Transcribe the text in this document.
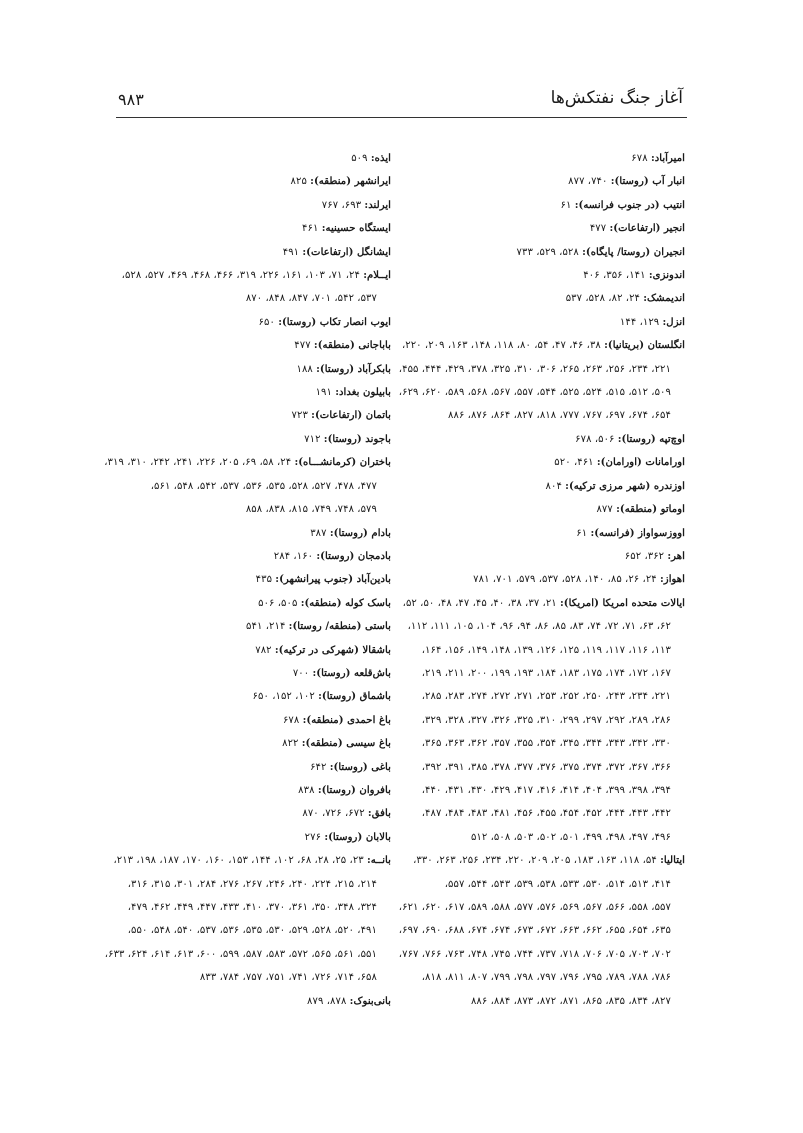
۹۸۳	آغاز جنگ نفتکش‌ها
امیرآباد: ۶۷۸
انبار آب (روستا): ۷۴۰، ۸۷۷
انتیب (در جنوب فرانسه): ۶۱
انجیر (ارتفاعات): ۴۷۷
انجیران (روستا/ پایگاه): ۵۲۸، ۵۲۹، ۷۳۳
اندونزی: ۱۴۱، ۳۵۶، ۴۰۶
اندیمشک: ۲۴، ۸۲، ۵۲۸، ۵۳۷
انزل: ۱۲۹، ۱۴۴
انگلستان (بریتانیا): ۳۸، ۴۶، ۴۷، ۵۴، ۸۰، ۱۱۸، ۱۴۸، ۱۶۳، ۲۰۹، ۲۲۰،
۲۲۱، ۲۳۴، ۲۵۶، ۲۶۳، ۲۶۵، ۳۰۶، ۳۱۰، ۳۲۵، ۳۷۸، ۴۲۹، ۴۴۴، ۴۵۵،
۵۰۹، ۵۱۲، ۵۱۵، ۵۲۴، ۵۲۵، ۵۴۴، ۵۵۷، ۵۶۷، ۵۶۸، ۵۸۹، ۶۲۰، ۶۲۹،
۶۵۴، ۶۷۴، ۶۹۷، ۷۶۷، ۷۷۷، ۸۱۸، ۸۲۷، ۸۶۴، ۸۷۶، ۸۸۶
اوچ‌تپه (روستا): ۵۰۶، ۶۷۸
اورامانات (اورامان): ۴۶۱، ۵۲۰
اوزندره (شهر مرزی ترکیه): ۸۰۴
اوماتو (منطقه): ۸۷۷
اووزسواواز (فرانسه): ۶۱
اهر: ۳۶۲، ۶۵۲
اهواز: ۲۴، ۲۶، ۸۵، ۱۴۰، ۵۲۸، ۵۳۷، ۵۷۹، ۷۰۱، ۷۸۱
ایالات متحده امریکا (امریکا): ۲۱، ۳۷، ۳۸، ۴۰، ۴۵، ۴۷، ۴۸، ۵۰، ۵۲،
۶۲، ۶۳، ۷۱، ۷۲، ۷۴، ۸۳، ۸۵، ۸۶، ۹۴، ۹۶، ۱۰۴، ۱۰۵، ۱۱۱، ۱۱۲،
۱۱۳، ۱۱۶، ۱۱۷، ۱۱۹، ۱۲۵، ۱۲۶، ۱۳۹، ۱۴۸، ۱۴۹، ۱۵۶، ۱۶۴،
۱۶۷، ۱۷۲، ۱۷۴، ۱۷۵، ۱۸۳، ۱۸۴، ۱۹۳، ۱۹۹، ۲۰۰، ۲۱۱، ۲۱۹،
۲۲۱، ۲۳۴، ۲۴۳، ۲۵۰، ۲۵۲، ۲۵۳، ۲۷۱، ۲۷۲، ۲۷۴، ۲۸۳، ۲۸۵،
۲۸۶، ۲۸۹، ۲۹۲، ۲۹۷، ۲۹۹، ۳۱۰، ۳۲۵، ۳۲۶، ۳۲۷، ۳۲۸، ۳۲۹،
۳۳۰، ۳۴۲، ۳۴۳، ۳۴۴، ۳۴۵، ۳۵۴، ۳۵۵، ۳۵۷، ۳۶۲، ۳۶۳، ۳۶۵،
۳۶۶، ۳۶۷، ۳۷۲، ۳۷۴، ۳۷۵، ۳۷۶، ۳۷۷، ۳۷۸، ۳۸۵، ۳۹۱، ۳۹۲،
۳۹۴، ۳۹۸، ۳۹۹، ۴۰۴، ۴۱۴، ۴۱۶، ۴۱۷، ۴۲۹، ۴۳۰، ۴۳۱، ۴۴۰،
۴۴۲، ۴۴۳، ۴۴۴، ۴۵۲، ۴۵۴، ۴۵۵، ۴۵۶، ۴۸۱، ۴۸۳، ۴۸۴، ۴۸۷،
۴۹۶، ۴۹۷، ۴۹۸، ۴۹۹، ۵۰۱، ۵۰۲، ۵۰۳، ۵۰۸، ۵۱۲
ایتالیا: ۵۴، ۱۱۸، ۱۶۳، ۱۸۳، ۲۰۵، ۲۰۹، ۲۲۰، ۲۳۴، ۲۵۶، ۲۶۳، ۳۳۰،
۴۱۴، ۵۱۳، ۵۱۴، ۵۳۰، ۵۳۳، ۵۳۸، ۵۳۹، ۵۴۳، ۵۴۴، ۵۵۷،
۵۵۷، ۵۵۸، ۵۶۶، ۵۶۷، ۵۶۹، ۵۷۶، ۵۷۷، ۵۸۸، ۵۸۹، ۶۱۷، ۶۲۰، ۶۲۱،
۶۳۵، ۶۵۴، ۶۵۵، ۶۶۲، ۶۶۳، ۶۷۲، ۶۷۳، ۶۷۴، ۶۷۴، ۶۸۸، ۶۹۰، ۶۹۷،
۷۰۲، ۷۰۳، ۷۰۵، ۷۰۶، ۷۱۸، ۷۳۷، ۷۴۴، ۷۴۵، ۷۴۸، ۷۶۳، ۷۶۶، ۷۶۷،
۷۸۶، ۷۸۸، ۷۸۹، ۷۹۵، ۷۹۶، ۷۹۷، ۷۹۸، ۷۹۹، ۸۰۷، ۸۱۱، ۸۱۸،
۸۲۷، ۸۳۴، ۸۳۵، ۸۶۵، ۸۷۱، ۸۷۲، ۸۷۳، ۸۸۴، ۸۸۶
ایذه: ۵۰۹
ایرانشهر (منطقه): ۸۲۵
ایرلند: ۶۹۳، ۷۶۷
ایستگاه حسینیه: ۴۶۱
ایشانگل (ارتفاعات): ۴۹۱
ایــلام: ۲۴، ۷۱، ۱۰۳، ۱۶۱، ۲۲۶، ۳۱۹، ۴۶۶، ۴۶۸، ۴۶۹، ۵۲۷، ۵۲۸،
۵۳۷، ۵۴۲، ۷۰۱، ۸۴۷، ۸۴۸، ۸۷۰
ایوب انصار تکاب (روستا): ۶۵۰
باباجانی (منطقه): ۴۷۷
بابکرآباد (روستا): ۱۸۸
بابیلون بغداد: ۱۹۱
باتمان (ارتفاعات): ۷۲۳
باجوند (روستا): ۷۱۲
باختران (کرمانشـــاه): ۲۴، ۵۸، ۶۹، ۲۰۵، ۲۲۶، ۲۴۱، ۲۴۲، ۳۱۰، ۳۱۹،
۴۷۷، ۴۷۸، ۵۲۷، ۵۲۸، ۵۳۵، ۵۳۶، ۵۳۷، ۵۴۲، ۵۴۸، ۵۶۱،
۵۷۹، ۷۴۸، ۷۴۹، ۸۱۵، ۸۳۸، ۸۵۸
بادام (روستا): ۳۸۷
بادمجان (روستا): ۱۶۰، ۲۸۴
بادین‌آباد (جنوب پیرانشهر): ۴۳۵
باسک کوله (منطقه): ۵۰۵، ۵۰۶
باستی (منطقه/ روستا): ۲۱۴، ۵۴۱
باشقالا (شهرکی در ترکیه): ۷۸۲
باش‌قلعه (روستا): ۷۰۰
باشماق (روستا): ۱۰۲، ۱۵۲، ۶۵۰
باغ احمدی (منطقه): ۶۷۸
باغ سیسی (منطقه): ۸۲۲
باغی (روستا): ۶۴۲
بافروان (روستا): ۸۳۸
بافق: ۶۷۲، ۷۲۶، ۸۷۰
بالابان (روستا): ۲۷۶
بانــه: ۲۳، ۲۵، ۲۸، ۶۸، ۱۰۲، ۱۴۴، ۱۵۳، ۱۶۰، ۱۷۰، ۱۸۷، ۱۹۸، ۲۱۳،
۲۱۴، ۲۱۵، ۲۲۴، ۲۴۰، ۲۴۶، ۲۶۷، ۲۷۶، ۲۸۴، ۳۰۱، ۳۱۵، ۳۱۶،
۳۲۴، ۳۴۸، ۳۵۰، ۳۶۱، ۳۷۰، ۴۱۰، ۴۳۳، ۴۴۷، ۴۴۹، ۴۶۲، ۴۷۹،
۴۹۱، ۵۲۰، ۵۲۸، ۵۲۹، ۵۳۰، ۵۳۵، ۵۳۶، ۵۳۷، ۵۴۰، ۵۴۸، ۵۵۰،
۵۵۱، ۵۶۱، ۵۶۵، ۵۷۲، ۵۸۳، ۵۸۷، ۵۹۹، ۶۰۰، ۶۱۳، ۶۱۴، ۶۲۴، ۶۳۳،
۶۵۸، ۷۱۴، ۷۲۶، ۷۴۱، ۷۵۱، ۷۵۷، ۷۸۴، ۸۳۳
بانی‌بنوک: ۸۷۸، ۸۷۹
